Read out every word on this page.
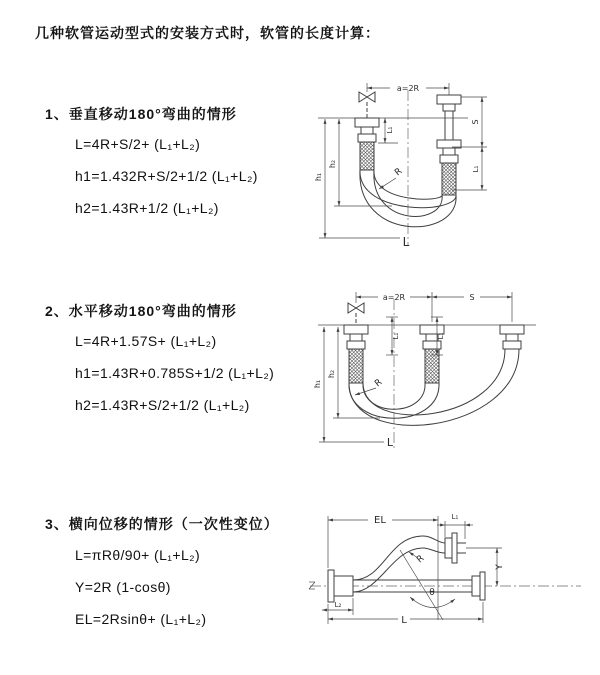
几种软管运动型式的安装方式时，软管的长度计算：
1、垂直移动180°弯曲的情形
L=4R+S/2+ (L₁+L₂)
h1=1.432R+S/2+1/2 (L₁+L₂)
h2=1.43R+1/2 (L₁+L₂)
2、水平移动180°弯曲的情形
L=4R+1.57S+ (L₁+L₂)
h1=1.43R+0.785S+1/2 (L₁+L₂)
h2=1.43R+S/2+1/2 (L₁+L₂)
3、横向位移的情形（一次性变位）
L=πRθ/90+ (L₁+L₂)
Y=2R (1-cosθ)
EL=2Rsinθ+ (L₁+L₂)
a=2R
S
L₁
h₁
h₂
L₁
R
L
a=2R	S
h₁
h₂
L₁	L₁
R
L
θ
R
EL	L₁
Y
L₂
L
